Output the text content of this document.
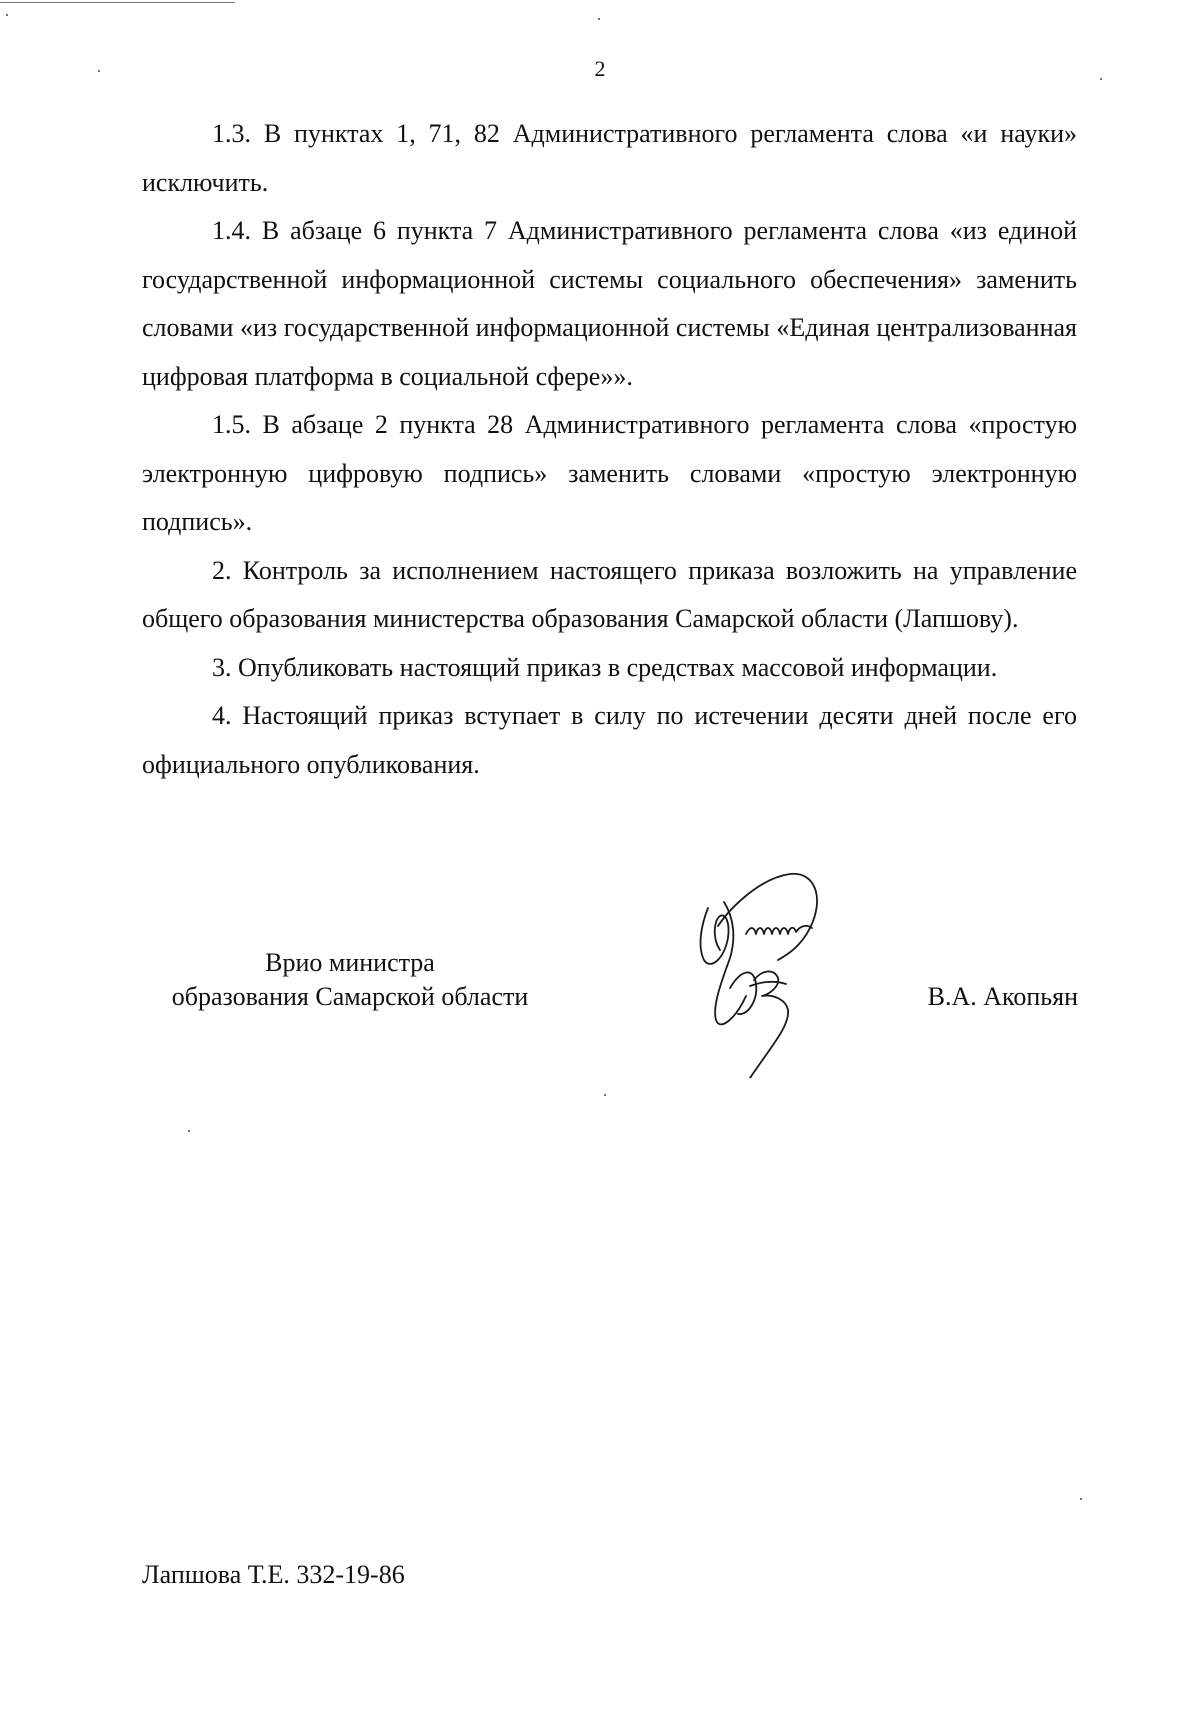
2

1.3. В пунктах 1, 71, 82 Административного регламента слова «и науки» исключить.

1.4. В абзаце 6 пункта 7 Административного регламента слова «из единой государственной информационной системы социального обеспечения» заменить словами «из государственной информационной системы «Единая централизованная цифровая платформа в социальной сфере»».

1.5. В абзаце 2 пункта 28 Административного регламента слова «простую электронную цифровую подпись» заменить словами «простую электронную подпись».

2. Контроль за исполнением настоящего приказа возложить на управление общего образования министерства образования Самарской области (Лапшову).

3. Опубликовать настоящий приказ в средствах массовой информации.

4. Настоящий приказ вступает в силу по истечении десяти дней после его официального опубликования.

Врио министра
образования Самарской области	В.А. Акопьян
Лапшова Т.Е. 332-19-86
